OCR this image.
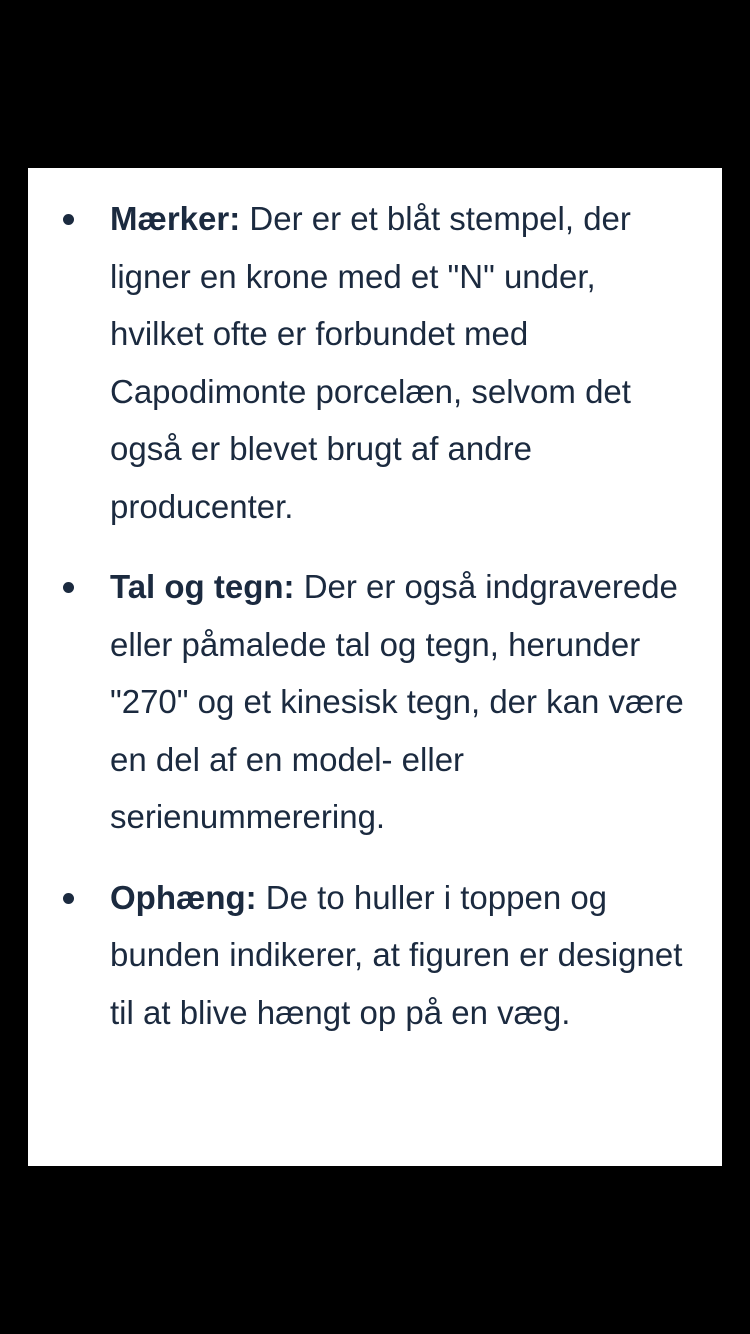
Mærker: Der er et blåt stempel, der ligner en krone med et "N" under, hvilket ofte er forbundet med Capodimonte porcelæn, selvom det også er blevet brugt af andre producenter.
Tal og tegn: Der er også indgraverede eller påmalede tal og tegn, herunder "270" og et kinesisk tegn, der kan være en del af en model- eller serienummerering.
Ophæng: De to huller i toppen og bunden indikerer, at figuren er designet til at blive hængt op på en væg.
